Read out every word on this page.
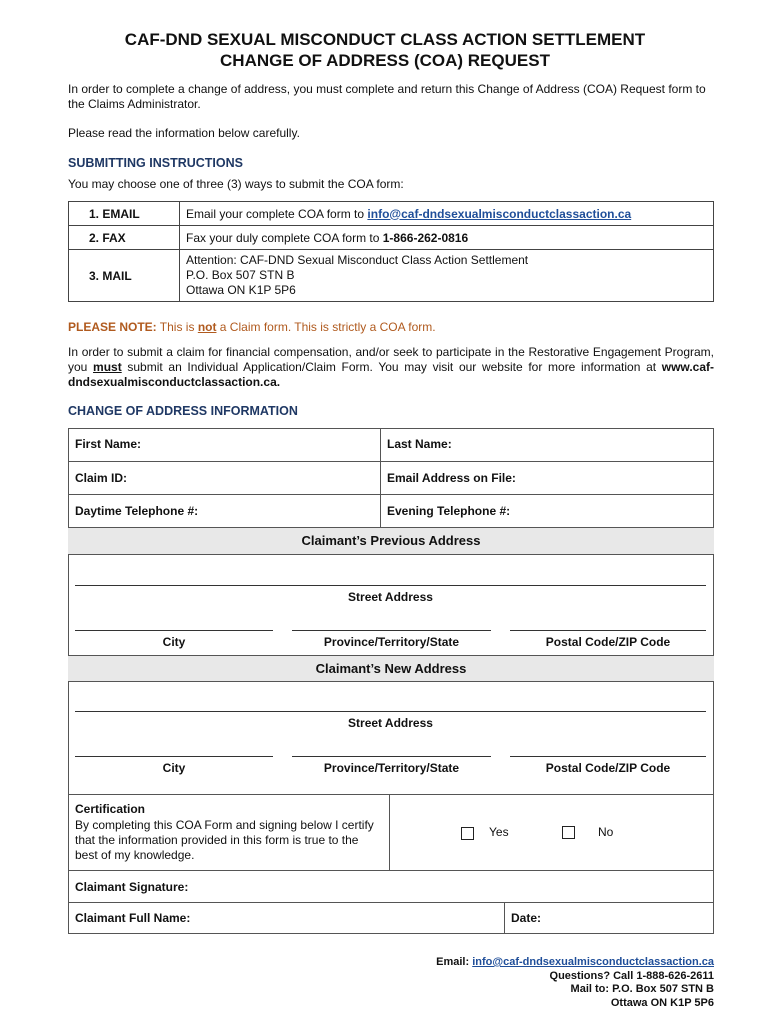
CAF-DND SEXUAL MISCONDUCT CLASS ACTION SETTLEMENT
CHANGE OF ADDRESS (COA) REQUEST
In order to complete a change of address, you must complete and return this Change of Address (COA) Request form to the Claims Administrator.
Please read the information below carefully.
SUBMITTING INSTRUCTIONS
You may choose one of three (3) ways to submit the COA form:
1. EMAIL	Email your complete COA form to info@caf-dndsexualmisconductclassaction.ca
2. FAX	Fax your duly complete COA form to 1-866-262-0816
3. MAIL	Attention: CAF-DND Sexual Misconduct Class Action Settlement
P.O. Box 507 STN B
Ottawa ON K1P 5P6
PLEASE NOTE: This is not a Claim form. This is strictly a COA form.
In order to submit a claim for financial compensation, and/or seek to participate in the Restorative Engagement Program, you must submit an Individual Application/Claim Form. You may visit our website for more information at www.caf-dndsexualmisconductclassaction.ca.
CHANGE OF ADDRESS INFORMATION
First Name:	Last Name:
Claim ID:	Email Address on File:
Daytime Telephone #:	Evening Telephone #:
Claimant’s Previous Address
Street Address
City	Province/Territory/State	Postal Code/ZIP Code
Claimant’s New Address
Street Address
City	Province/Territory/State	Postal Code/ZIP Code
Certification
By completing this COA Form and signing below I certify that the information provided in this form is true to the best of my knowledge.
Yes	No
Claimant Signature:
Claimant Full Name:	Date:
Email: info@caf-dndsexualmisconductclassaction.ca
Questions? Call 1-888-626-2611
Mail to: P.O. Box 507 STN B
Ottawa ON K1P 5P6
